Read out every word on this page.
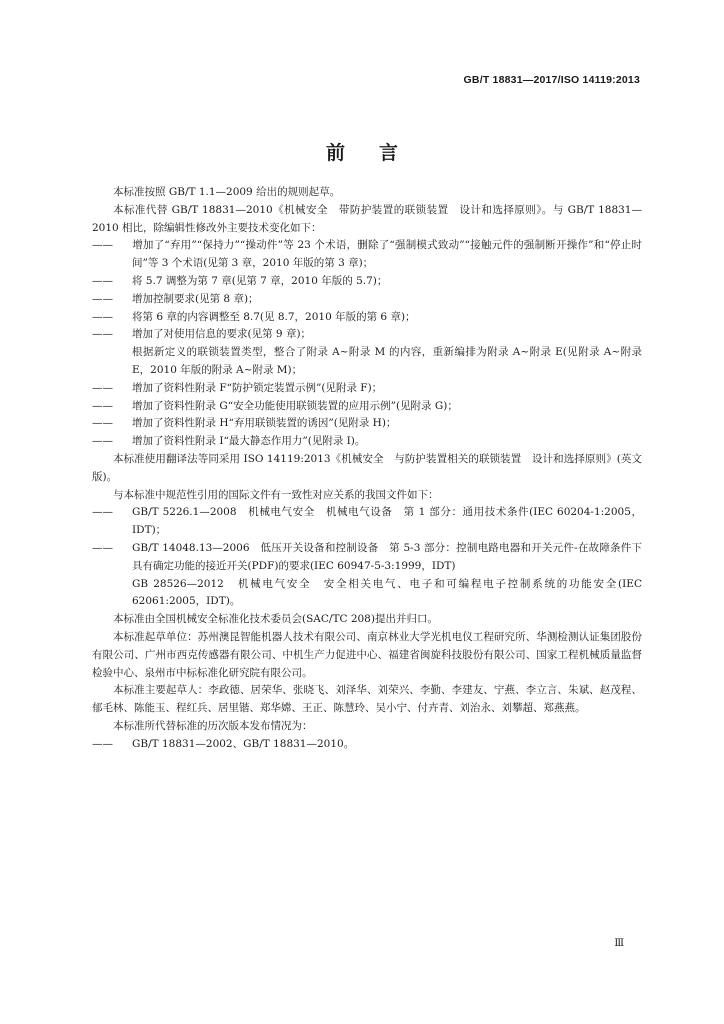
GB/T 18831—2017/ISO 14119:2013
前言

本标准按照 GB/T 1.1—2009 给出的规则起草。

本标准代替 GB/T 18831—2010《机械安全　带防护装置的联锁装置　设计和选择原则》。与 GB/T 18831—2010 相比，除编辑性修改外主要技术变化如下：

—— 增加了“弃用”“保持力”“操动件”等 23 个术语，删除了“强制模式致动”“接触元件的强制断开操作”和“停止时间”等 3 个术语(见第 3 章，2010 年版的第 3 章)；

—— 将 5.7 调整为第 7 章(见第 7 章，2010 年版的 5.7)；

—— 增加控制要求(见第 8 章)；

—— 将第 6 章的内容调整至 8.7(见 8.7，2010 年版的第 6 章)；

—— 增加了对使用信息的要求(见第 9 章)；

根据新定义的联锁装置类型，整合了附录 A~附录 M 的内容，重新编排为附录 A~附录 E(见附录 A~附录 E，2010 年版的附录 A~附录 M)；

—— 增加了资料性附录 F“防护锁定装置示例”(见附录 F)；

—— 增加了资料性附录 G“安全功能使用联锁装置的应用示例”(见附录 G)；

—— 增加了资料性附录 H“弃用联锁装置的诱因”(见附录 H)；

—— 增加了资料性附录 I“最大静态作用力”(见附录 I)。

本标准使用翻译法等同采用 ISO 14119:2013《机械安全　与防护装置相关的联锁装置　设计和选择原则》(英文版)。

与本标准中规范性引用的国际文件有一致性对应关系的我国文件如下：

—— GB/T 5226.1—2008　机械电气安全　机械电气设备　第 1 部分：通用技术条件(IEC 60204-1:2005，IDT)；

—— GB/T 14048.13—2006　低压开关设备和控制设备　第 5-3 部分：控制电路电器和开关元件-在故障条件下具有确定功能的接近开关(PDF)的要求(IEC 60947-5-3:1999，IDT)

GB 28526—2012　机械电气安全　安全相关电气、电子和可编程电子控制系统的功能安全(IEC 62061:2005，IDT)。

本标准由全国机械安全标准化技术委员会(SAC/TC 208)提出并归口。

本标准起草单位：苏州澳昆智能机器人技术有限公司、南京林业大学光机电仪工程研究所、华测检测认证集团股份有限公司、广州市西克传感器有限公司、中机生产力促进中心、福建省闽旋科技股份有限公司、国家工程机械质量监督检验中心、泉州市中标标准化研究院有限公司。

本标准主要起草人：李政德、居荣华、张晓飞、刘泽华、刘荣兴、李勤、李建友、宁燕、李立言、朱斌、赵茂程、郁毛林、陈能玉、程红兵、居里锴、郑华嫦、王正、陈慧玲、吴小宁、付卉青、刘治永、刘攀超、郑燕燕。

本标准所代替标准的历次版本发布情况为：

—— GB/T 18831—2002、GB/T 18831—2010。

Ⅲ
